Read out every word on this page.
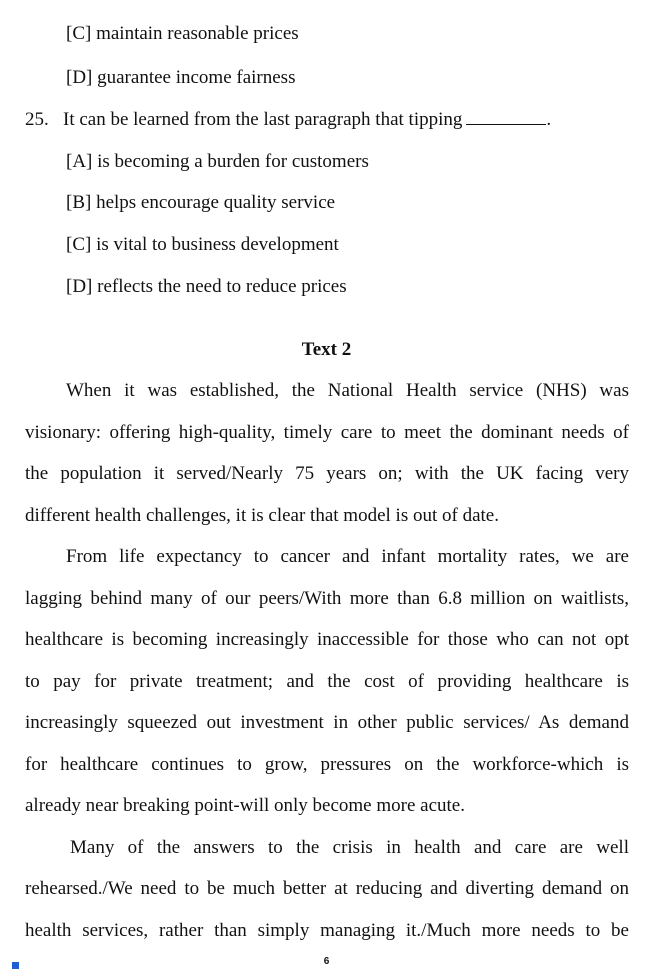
[C] maintain reasonable prices
[D] guarantee income fairness
25. It can be learned from the last paragraph that tipping	.
[A] is becoming a burden for customers
[B] helps encourage quality service
[C] is vital to business development
[D] reflects the need to reduce prices
Text 2
When it was established, the National Health service (NHS) was
visionary: offering high-quality, timely care to meet the dominant needs of
the population it served/Nearly 75 years on; with the UK facing very
different health challenges, it is clear that model is out of date.
From life expectancy to cancer and infant mortality rates, we are
lagging behind many of our peers/With more than 6.8 million on waitlists,
healthcare is becoming increasingly inaccessible for those who can not opt
to pay for private treatment; and the cost of providing healthcare is
increasingly squeezed out investment in other public services/ As demand
for healthcare continues to grow, pressures on the workforce-which is
already near breaking point-will only become more acute.
Many of the answers to the crisis in health and care are well
rehearsed./We need to be much better at reducing and diverting demand on
health services, rather than simply managing it./Much more needs to be
6
